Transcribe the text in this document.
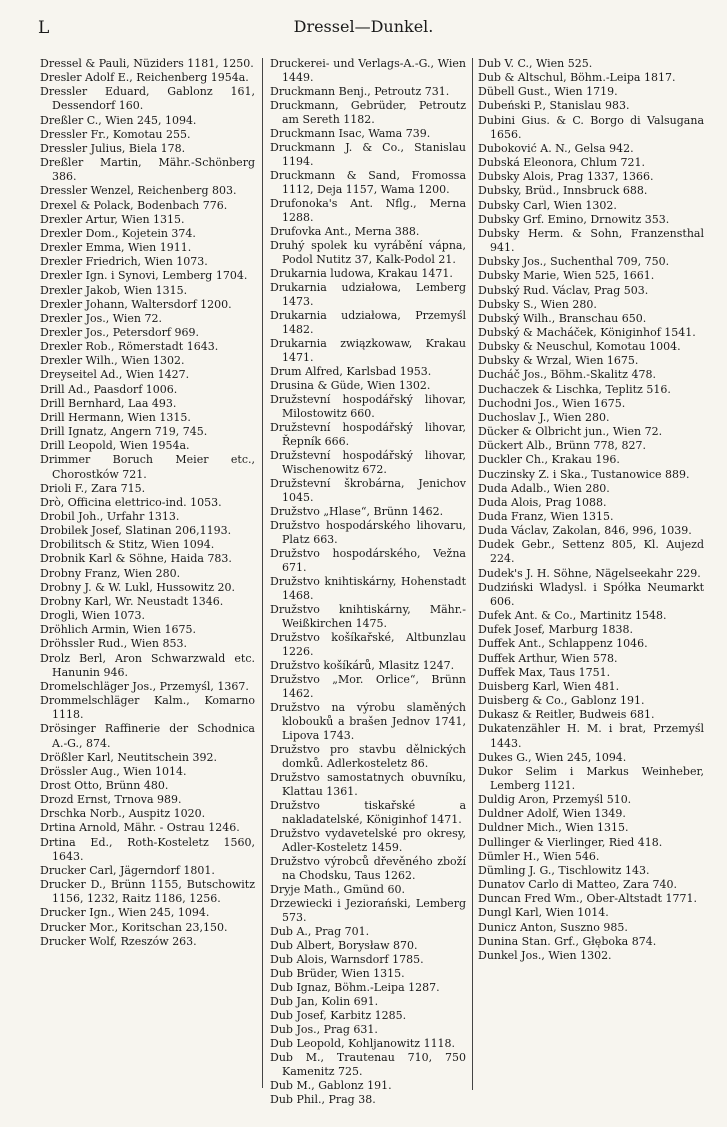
L	Dressel—Dunkel.
Dressel & Pauli, Nüziders 1181, 1250.
Dresler Adolf E., Reichenberg 1954a.
Dressler Eduard, Gablonz 161, Dessendorf 160.
Dreßler C., Wien 245, 1094.
Dressler Fr., Komotau 255.
Dressler Julius, Biela 178.
Dreßler Martin, Mähr.-Schönberg 386.
Dressler Wenzel, Reichenberg 803.
Drexel & Polack, Bodenbach 776.
Drexler Artur, Wien 1315.
Drexler Dom., Kojetein 374.
Drexler Emma, Wien 1911.
Drexler Friedrich, Wien 1073.
Drexler Ign. i Synovi, Lemberg 1704.
Drexler Jakob, Wien 1315.
Drexler Johann, Waltersdorf 1200.
Drexler Jos., Wien 72.
Drexler Jos., Petersdorf 969.
Drexler Rob., Römerstadt 1643.
Drexler Wilh., Wien 1302.
Dreyseitel Ad., Wien 1427.
Drill Ad., Paasdorf 1006.
Drill Bernhard, Laa 493.
Drill Hermann, Wien 1315.
Drill Ignatz, Angern 719, 745.
Drill Leopold, Wien 1954a.
Drimmer Boruch Meier etc., Chorostków 721.
Drioli F., Zara 715.
Drò, Officina elettrico-ind. 1053.
Drobil Joh., Urfahr 1313.
Drobilek Josef, Slatinan 206,1193.
Drobilitsch & Stitz, Wien 1094.
Drobnik Karl & Söhne, Haida 783.
Drobny Franz, Wien 280.
Drobny J. & W. Lukl, Hussowitz 20.
Drobny Karl, Wr. Neustadt 1346.
Drogli, Wien 1073.
Dröhlich Armin, Wien 1675.
Dröhssler Rud., Wien 853.
Drolz Berl, Aron Schwarzwald etc. Hanunin 946.
Dromelschläger Jos., Przemyśl, 1367.
Drommelschläger Kalm., Komarno 1118.
Drösinger Raffinerie der Schodnica A.-G., 874.
Drößler Karl, Neutitschein 392.
Drössler Aug., Wien 1014.
Drost Otto, Brünn 480.
Drozd Ernst, Trnova 989.
Drschka Norb., Auspitz 1020.
Drtina Arnold, Mähr. - Ostrau 1246.
Drtina Ed., Roth-Kosteletz 1560, 1643.
Drucker Carl, Jägerndorf 1801.
Drucker D., Brünn 1155, Butschowitz 1156, 1232, Raitz 1186, 1256.
Drucker Ign., Wien 245, 1094.
Drucker Mor., Koritschan 23,150.
Drucker Wolf, Rzeszów 263.
Druckerei- und Verlags-A.-G., Wien 1449.
Druckmann Benj., Petroutz 731.
Druckmann, Gebrüder, Petroutz am Sereth 1182.
Druckmann Isac, Wama 739.
Druckmann J. & Co., Stanislau 1194.
Druckmann & Sand, Fromossa 1112, Deja 1157, Wama 1200.
Drufonoka's Ant. Nflg., Merna 1288.
Drufovka Ant., Merna 388.
Druhý spolek ku vyrábění vápna, Podol Nutitz 37, Kalk-Podol 21.
Drukarnia ludowa, Krakau 1471.
Drukarnia udziałowa, Lemberg 1473.
Drukarnia udziałowa, Przemyśl 1482.
Drukarnia związkowaw, Krakau 1471.
Drum Alfred, Karlsbad 1953.
Drusina & Güde, Wien 1302.
Družstevní hospodářský lihovar, Milostowitz 660.
Družstevní hospodářský lihovar, Řepník 666.
Družstevní hospodářský lihovar, Wischenowitz 672.
Družstevní škrobárna, Jenichov 1045.
Družstvo „Hlase“, Brünn 1462.
Družstvo hospodárského lihovaru, Platz 663.
Družstvo hospodárského, Vežna 671.
Družstvo knihtiskárny, Hohenstadt 1468.
Družstvo knihtiskárny, Mähr.-Weißkirchen 1475.
Družstvo košíkařské, Altbunzlau 1226.
Družstvo košíkárů, Mlasitz 1247.
Družstvo „Mor. Orlice“, Brünn 1462.
Družstvo na výrobu slaměných klobouků a brašen Jednov 1741, Lipova 1743.
Družstvo pro stavbu dělnických domků. Adlerkosteletz 86.
Družstvo samostatnych obuvníku, Klattau 1361.
Družstvo tiskařské a nakladatelské, Königinhof 1471.
Družstvo vydavetelské pro okresy, Adler-Kosteletz 1459.
Družstvo výrobců dřevěného zboží na Chodsku, Taus 1262.
Dryje Math., Gmünd 60.
Drzewiecki i Jeziorański, Lemberg 573.
Dub A., Prag 701.
Dub Albert, Borysław 870.
Dub Alois, Warnsdorf 1785.
Dub Brüder, Wien 1315.
Dub Ignaz, Böhm.-Leipa 1287.
Dub Jan, Kolin 691.
Dub Josef, Karbitz 1285.
Dub Jos., Prag 631.
Dub Leopold, Kohljanowitz 1118.
Dub M., Trautenau 710, 750 Kamenitz 725.
Dub M., Gablonz 191.
Dub Phil., Prag 38.
Dub V. C., Wien 525.
Dub & Altschul, Böhm.-Leipa 1817.
Dübell Gust., Wien 1719.
Dubeński P., Stanislau 983.
Dubini Gius. & C. Borgo di Valsugana 1656.
Duboković A. N., Gelsa 942.
Dubská Eleonora, Chlum 721.
Dubsky Alois, Prag 1337, 1366.
Dubsky, Brüd., Innsbruck 688.
Dubsky Carl, Wien 1302.
Dubsky Grf. Emino, Drnowitz 353.
Dubsky Herm. & Sohn, Franzensthal 941.
Dubsky Jos., Suchenthal 709, 750.
Dubsky Marie, Wien 525, 1661.
Dubský Rud. Václav, Prag 503.
Dubsky S., Wien 280.
Dubský Wilh., Branschau 650.
Dubský & Macháček, Königinhof 1541.
Dubsky & Neuschul, Komotau 1004.
Dubsky & Wrzal, Wien 1675.
Ducháč Jos., Böhm.-Skalitz 478.
Duchaczek & Lischka, Teplitz 516.
Duchodni Jos., Wien 1675.
Duchoslav J., Wien 280.
Dücker & Olbricht jun., Wien 72.
Dückert Alb., Brünn 778, 827.
Duckler Ch., Krakau 196.
Duczinsky Z. i Ska., Tustanowice 889.
Duda Adalb., Wien 280.
Duda Alois, Prag 1088.
Duda Franz, Wien 1315.
Duda Václav, Zakolan, 846, 996, 1039.
Dudek Gebr., Settenz 805, Kl. Aujezd 224.
Dudek's J. H. Söhne, Nägelseekahr 229.
Dudziński Wladysl. i Spółka Neumarkt 606.
Dufek Ant. & Co., Martinitz 1548.
Dufek Josef, Marburg 1838.
Duffek Ant., Schlappenz 1046.
Duffek Arthur, Wien 578.
Duffek Max, Taus 1751.
Duisberg Karl, Wien 481.
Duisberg & Co., Gablonz 191.
Dukasz & Reitler, Budweis 681.
Dukatenzähler H. M. i brat, Przemyśl 1443.
Dukes G., Wien 245, 1094.
Dukor Selim i Markus Weinheber, Lemberg 1121.
Duldig Aron, Przemyśl 510.
Duldner Adolf, Wien 1349.
Duldner Mich., Wien 1315.
Dullinger & Vierlinger, Ried 418.
Dümler H., Wien 546.
Dümling J. G., Tischlowitz 143.
Dunatov Carlo di Matteo, Zara 740.
Duncan Fred Wm., Ober-Altstadt 1771.
Dungl Karl, Wien 1014.
Dunicz Anton, Suszno 985.
Dunina Stan. Grf., Głęboka 874.
Dunkel Jos., Wien 1302.
